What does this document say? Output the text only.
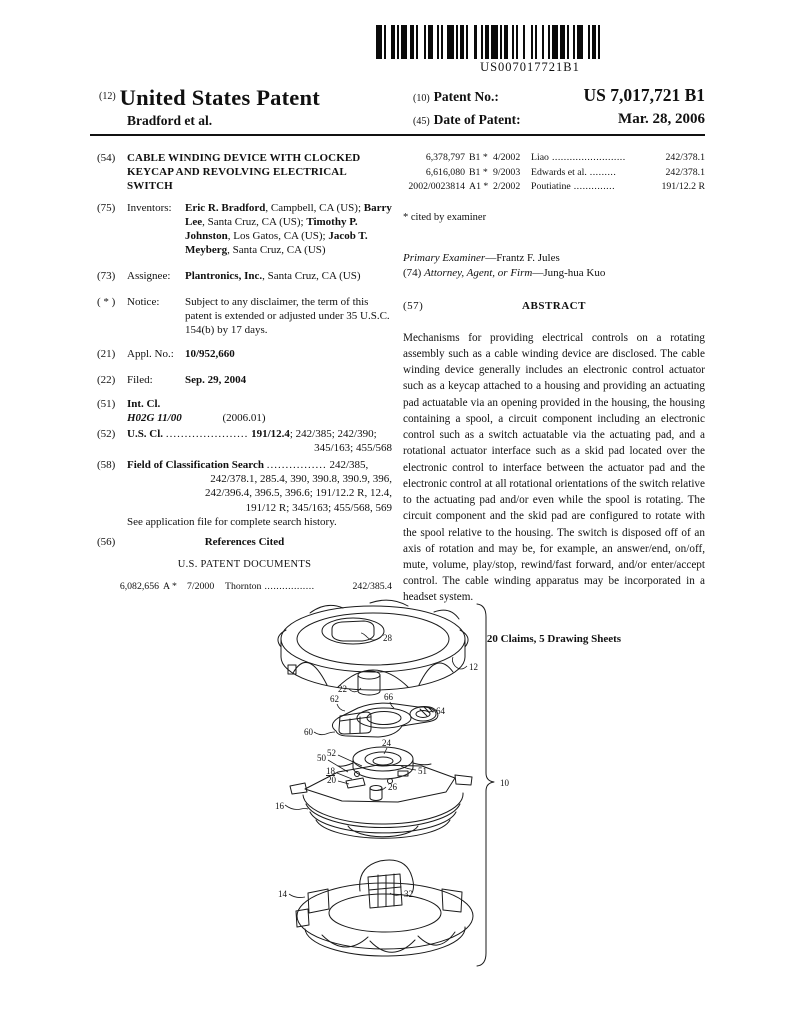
US007017721B1
$^{(12)}$ United States Patent
Bradford et al.
(10) Patent No.:	US 7,017,721 B1
(45) Date of Patent:	Mar. 28, 2006
(54)	CABLE WINDING DEVICE WITH CLOCKED KEYCAP AND REVOLVING ELECTRICAL SWITCH
(75)	Inventors:	Eric R. Bradford, Campbell, CA (US); Barry Lee, Santa Cruz, CA (US); Timothy P. Johnston, Los Gatos, CA (US); Jacob T. Meyberg, Santa Cruz, CA (US)
(73)	Assignee:	Plantronics, Inc., Santa Cruz, CA (US)
( * )	Notice:	Subject to any disclaimer, the term of this patent is extended or adjusted under 35 U.S.C. 154(b) by 17 days.
(21)	Appl. No.:	10/952,660
(22)	Filed:	Sep. 29, 2004
(51)	Int. Cl.
H02G 11/00	(2006.01)
(52)	U.S. Cl. ...................... 191/12.4; 242/385; 242/390;
345/163; 455/568
(58)	Field of Classification Search ................ 242/385,
242/378.1, 285.4, 390, 390.8, 390.9, 396,
242/396.4, 396.5, 396.6; 191/12.2 R, 12.4,
191/12 R; 345/163; 455/568, 569
See application file for complete search history.
(56)	References Cited
U.S. PATENT DOCUMENTS
6,082,656 A *	7/2000	Thornton .................	242/385.4
6,378,797 B1 * 4/2002	Liao .........................	242/378.1
6,616,080 B1 * 9/2003	Edwards et al. .........	242/378.1
2002/0023814 A1 * 2/2002	Poutiatine ..............	191/12.2 R
* cited by examiner
Primary Examiner—Frantz F. Jules
(74) Attorney, Agent, or Firm—Jung-hua Kuo
(57)	ABSTRACT
Mechanisms for providing electrical controls on a rotating assembly such as a cable winding device are disclosed. The cable winding device generally includes an electronic control actuator such as a keycap attached to a housing and providing an actuating pad actuatable via an opening provided in the housing, the housing containing a spool, a circuit component including an electronic control such as a switch actuatable via the actuating pad, and a rotational actuator interface such as a skid pad located over the electronic control to interface between the actuator pad and the electronic control at all rotational orientations of the switch relative to the actuating pad and/or even while the spool is rotating. The circuit component and the skid pad are configured to rotate with the spool relative to the housing. The switch is disposed off of an axis of rotation and may be, for example, an answer/end, on/off, mute, volume, play/stop, rewind/fast forward, and/or enter/accept control. The cable winding apparatus may be incorporated in a headset system.
20 Claims, 5 Drawing Sheets
28
12
22
62	66
64
60
24
52
50
18
20
51
26
16
14	32
10
